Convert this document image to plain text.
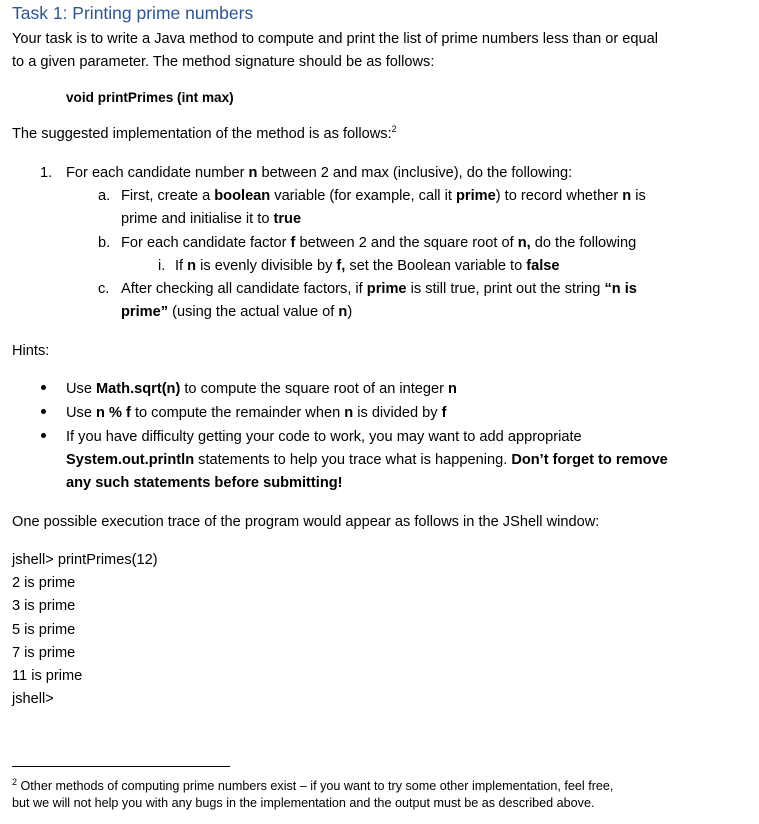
Task 1: Printing prime numbers
Your task is to write a Java method to compute and print the list of prime numbers less than or equal
to a given parameter. The method signature should be as follows:
void printPrimes (int max)
The suggested implementation of the method is as follows:$^2$
1. For each candidate number n between 2 and max (inclusive), do the following:
a. First, create a boolean variable (for example, call it prime) to record whether n is
prime and initialise it to true
b. For each candidate factor f between 2 and the square root of n, do the following
i. If n is evenly divisible by f, set the Boolean variable to false
c. After checking all candidate factors, if prime is still true, print out the string “n is
prime” (using the actual value of n)
Hints:
Use Math.sqrt(n) to compute the square root of an integer n
Use n % f to compute the remainder when n is divided by f
If you have difficulty getting your code to work, you may want to add appropriate
System.out.println statements to help you trace what is happening. Don’t forget to remove
any such statements before submitting!
One possible execution trace of the program would appear as follows in the JShell window:
jshell> printPrimes(12)
2 is prime
3 is prime
5 is prime
7 is prime
11 is prime
jshell>
$^2$ Other methods of computing prime numbers exist – if you want to try some other implementation, feel free,
but we will not help you with any bugs in the implementation and the output must be as described above.
